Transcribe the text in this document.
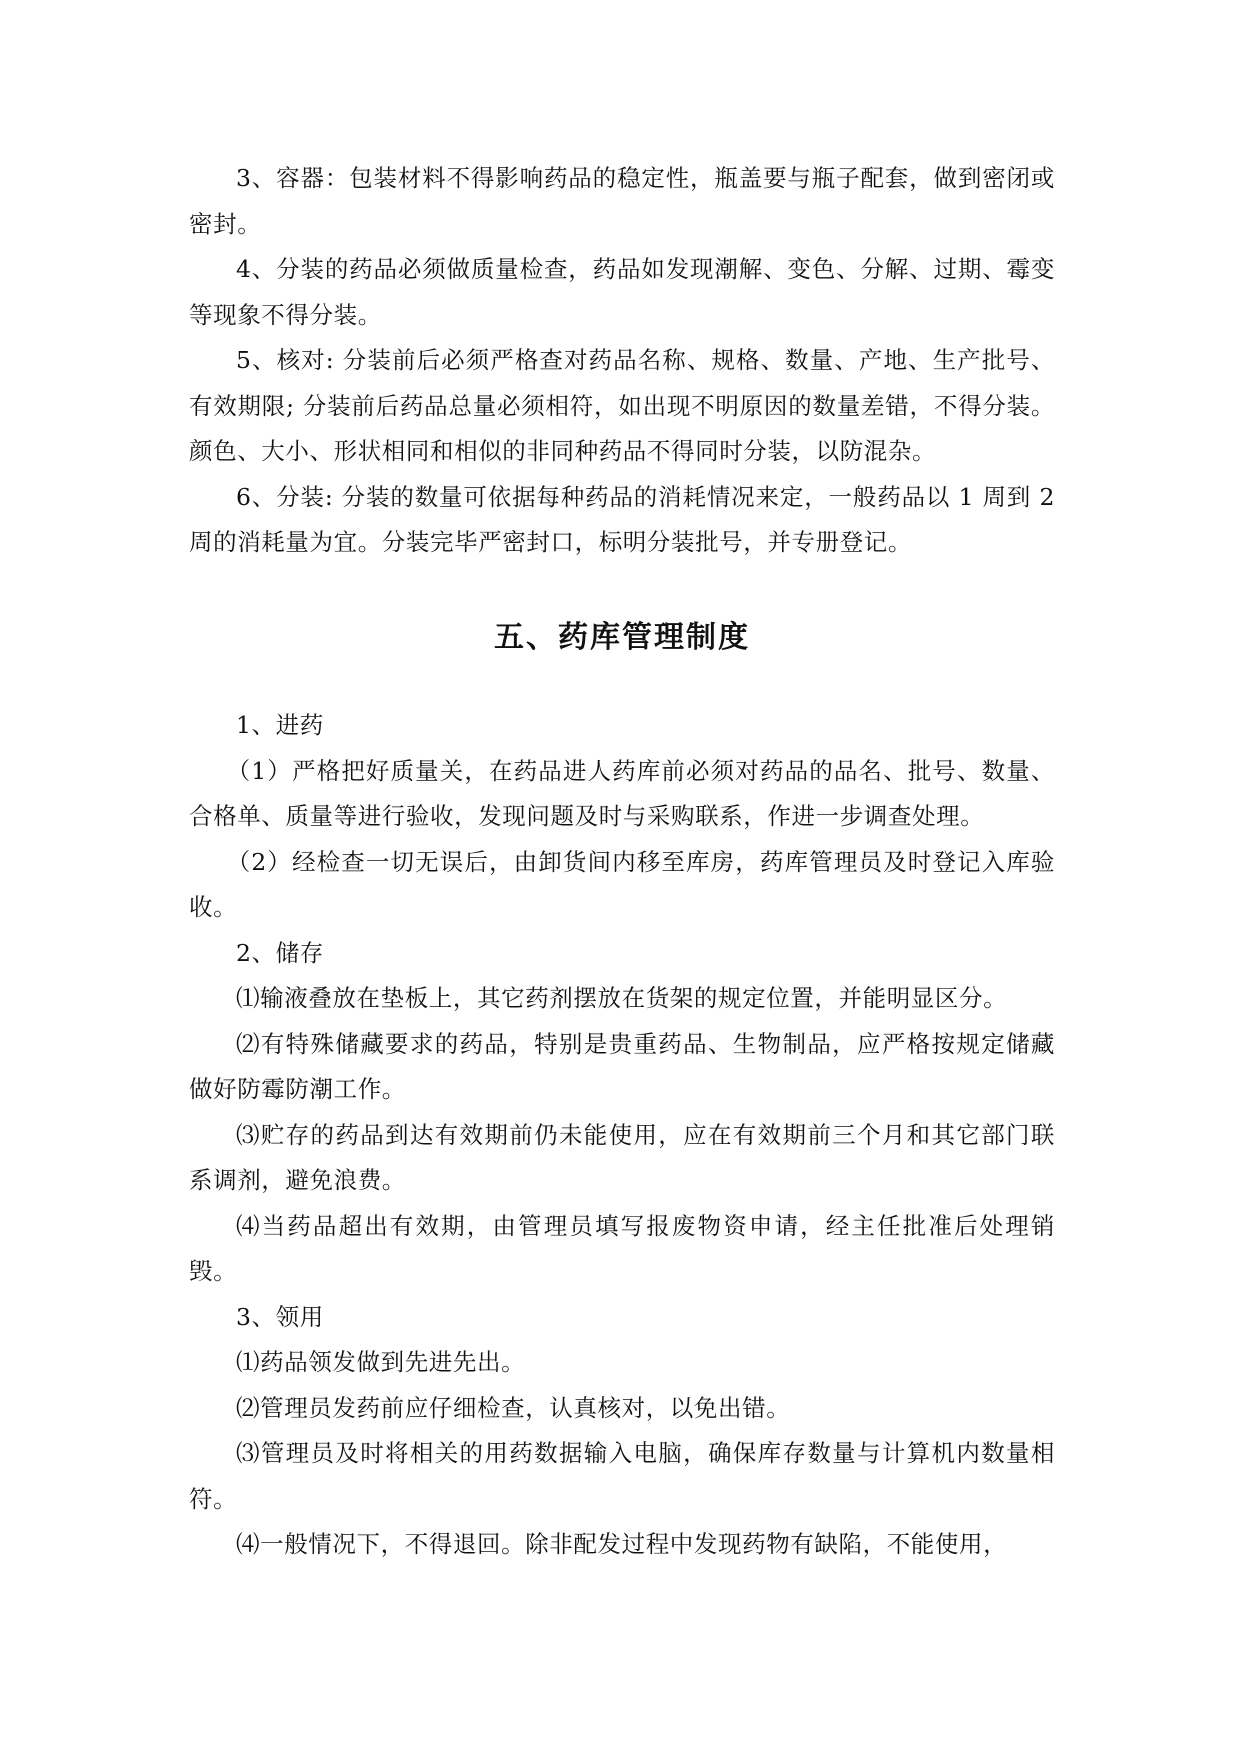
3、容器：包装材料不得影响药品的稳定性，瓶盖要与瓶子配套，做到密闭或密封。

4、分装的药品必须做质量检查，药品如发现潮解、变色、分解、过期、霉变等现象不得分装。

5、核对: 分装前后必须严格查对药品名称、规格、数量、产地、生产批号、有效期限; 分装前后药品总量必须相符，如出现不明原因的数量差错，不得分装。颜色、大小、形状相同和相似的非同种药品不得同时分装，以防混杂。

6、分装: 分装的数量可依据每种药品的消耗情况来定，一般药品以 1 周到 2 周的消耗量为宜。分装完毕严密封口，标明分装批号，并专册登记。

五、药库管理制度

1、进药

（1）严格把好质量关，在药品进人药库前必须对药品的品名、批号、数量、合格单、质量等进行验收，发现问题及时与采购联系，作进一步调查处理。

（2）经检查一切无误后，由卸货间内移至库房，药库管理员及时登记入库验收。

2、储存

⑴输液叠放在垫板上，其它药剂摆放在货架的规定位置，并能明显区分。

⑵有特殊储藏要求的药品，特别是贵重药品、生物制品，应严格按规定储藏做好防霉防潮工作。

⑶贮存的药品到达有效期前仍未能使用，应在有效期前三个月和其它部门联系调剂，避免浪费。

⑷当药品超出有效期，由管理员填写报废物资申请，经主任批准后处理销毁。

3、领用

⑴药品领发做到先进先出。

⑵管理员发药前应仔细检查，认真核对，以免出错。

⑶管理员及时将相关的用药数据输入电脑，确保库存数量与计算机内数量相符。

⑷一般情况下，不得退回。除非配发过程中发现药物有缺陷，不能使用，
